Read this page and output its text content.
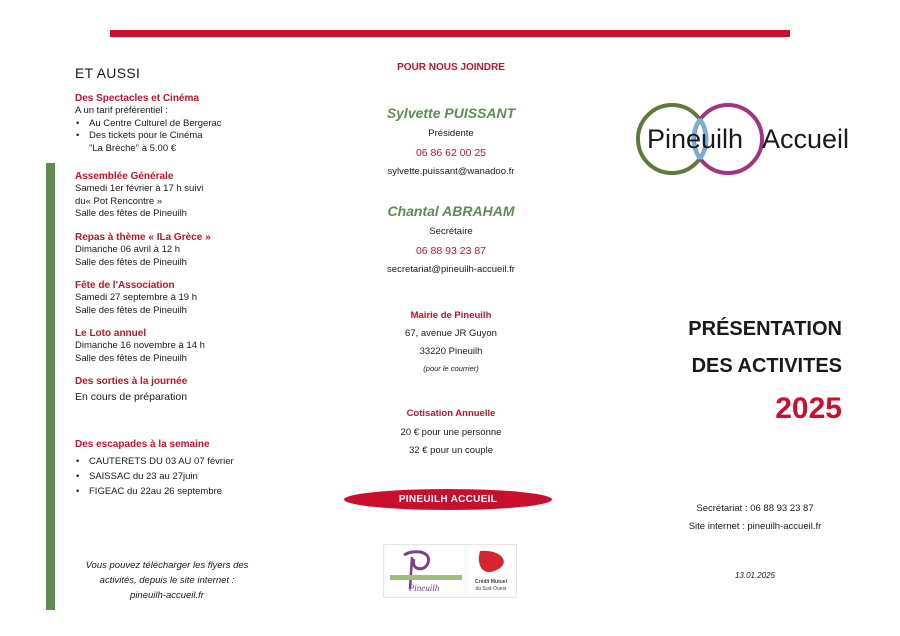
ET AUSSI
Des Spectacles et Cinéma
A un tarif préférentiel :
• Au Centre Culturel de Bergerac
• Des tickets pour le Cinéma
"La Brèche" à 5.00 €
Assemblée Générale
Samedi 1er février à 17 h suivi
du« Pot Rencontre »
Salle des fêtes de Pineuilh
Repas à thème « ILa Grèce »
Dimanche 06 avril à 12 h
Salle des fêtes de Pineuilh
Fête de l'Association
Samedi 27 septembre à 19 h
Salle des fêtes de Pineuilh
Le Loto annuel
Dimanche 16 novembre à 14 h
Salle des fêtes de Pineuilh
Des sorties à la journée
En cours de préparation
Des escapades à la semaine
• CAUTERETS DU 03 AU 07 février
• SAISSAC du 23 au 27juin
• FIGEAC du 22au 26 septembre
Vous pouvez télécharger les flyers des
activités, depuis le site internet :
pineuilh-accueil.fr
POUR NOUS JOINDRE
Sylvette PUISSANT
Présidente
06 86 62 00 25
sylvette.puissant@wanadoo.fr
Chantal ABRAHAM
Secrétaire
06 88 93 23 87
secretariat@pineuilh-accueil.fr
Mairie de Pineuilh
67, avenue JR Guyon
33220 Pineuilh
(pour le courrier)
Cotisation Annuelle
20 € pour une personne
32 € pour un couple
PINEUILH ACCUEIL
Pineuilh
Crédit Mutuel
du Sud-Ouest
Pineuilh Accueil
PRÉSENTATION
DES ACTIVITES
2025
Secrétariat : 06 88 93 23 87
Site internet : pineuilh-accueil.fr
13.01.2025
